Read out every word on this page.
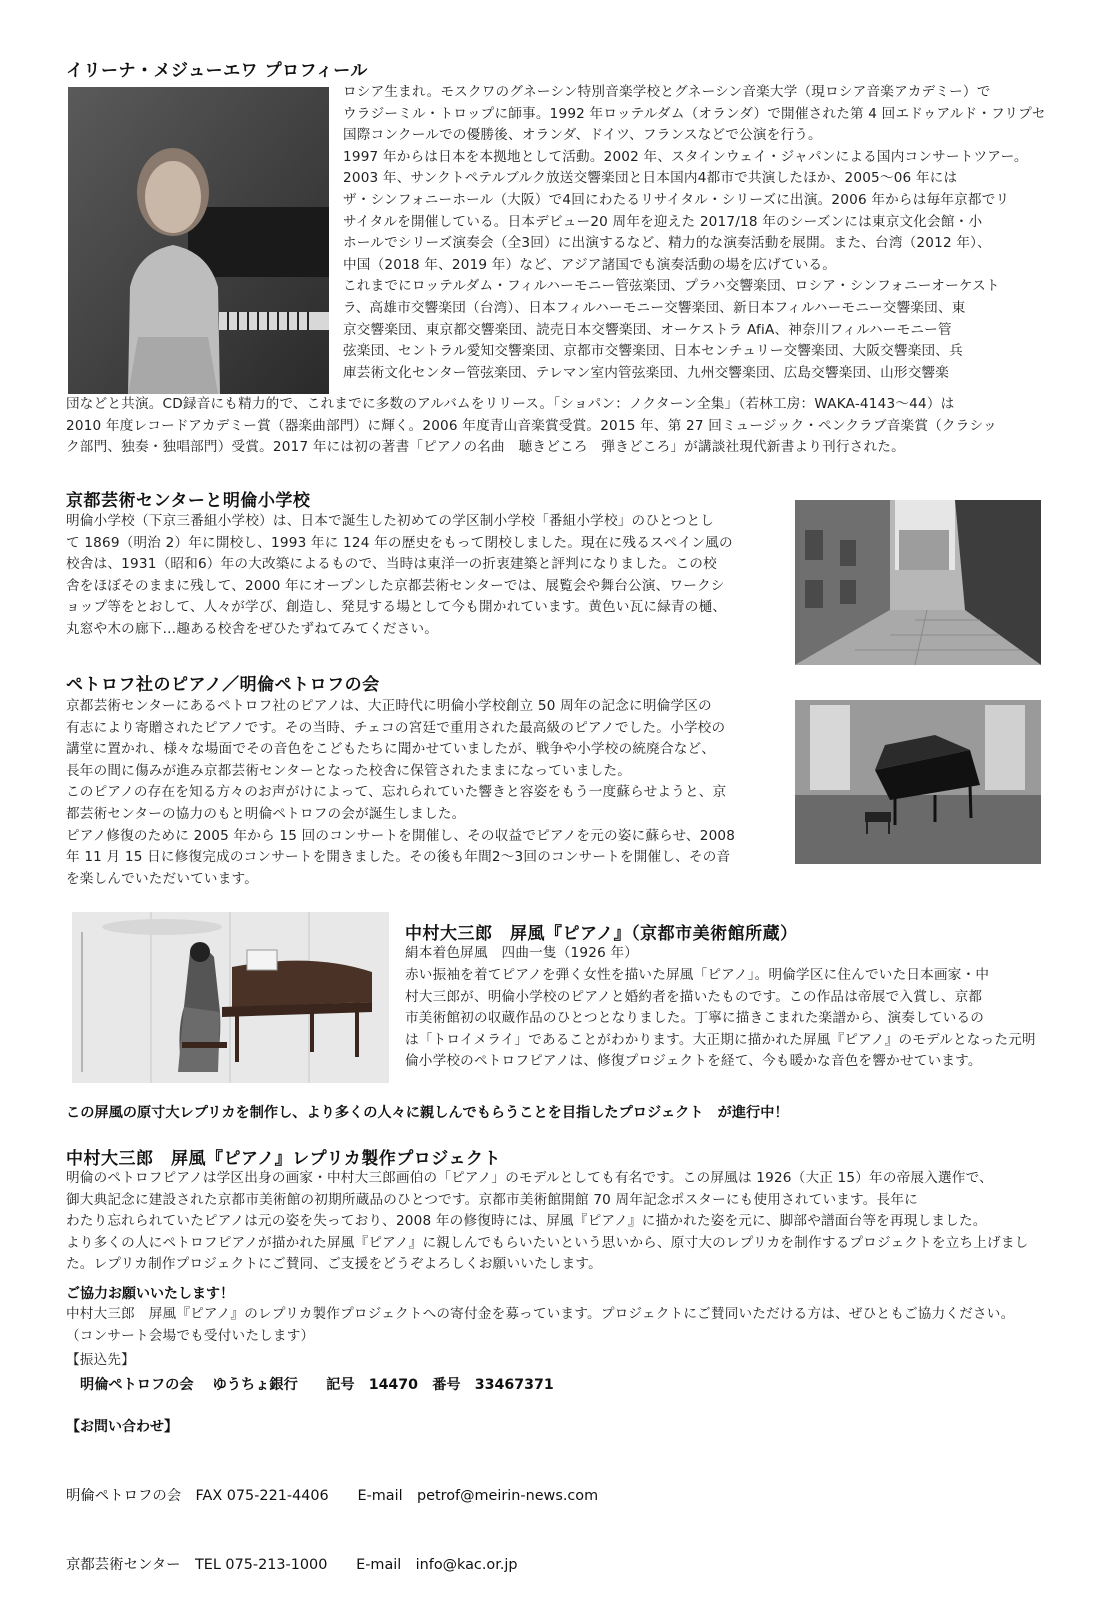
イリーナ・メジューエワ プロフィール
ロシア生まれ。モスクワのグネーシン特別音楽学校とグネーシン音楽大学（現ロシア音楽アカデミー）で
ウラジーミル・トロップに師事。1992 年ロッテルダム（オランダ）で開催された第 4 回エドゥアルド・フリプセ
国際コンクールでの優勝後、オランダ、ドイツ、フランスなどで公演を行う。
1997 年からは日本を本拠地として活動。2002 年、スタインウェイ・ジャパンによる国内コンサートツアー。
2003 年、サンクトペテルブルク放送交響楽団と日本国内4都市で共演したほか、2005～06 年には
ザ・シンフォニーホール（大阪）で4回にわたるリサイタル・シリーズに出演。2006 年からは毎年京都でリ
サイタルを開催している。日本デビュー20 周年を迎えた 2017/18 年のシーズンには東京文化会館・小
ホールでシリーズ演奏会（全3回）に出演するなど、精力的な演奏活動を展開。また、台湾（2012 年）、
中国（2018 年、2019 年）など、アジア諸国でも演奏活動の場を広げている。
これまでにロッテルダム・フィルハーモニー管弦楽団、プラハ交響楽団、ロシア・シンフォニーオーケスト
ラ、高雄市交響楽団（台湾）、日本フィルハーモニー交響楽団、新日本フィルハーモニー交響楽団、東
京交響楽団、東京都交響楽団、読売日本交響楽団、オーケストラ AfiA、神奈川フィルハーモニー管
弦楽団、セントラル愛知交響楽団、京都市交響楽団、日本センチュリー交響楽団、大阪交響楽団、兵
庫芸術文化センター管弦楽団、テレマン室内管弦楽団、九州交響楽団、広島交響楽団、山形交響楽
団などと共演。CD録音にも精力的で、これまでに多数のアルバムをリリース。「ショパン：ノクターン全集」（若林工房：WAKA-4143～44）は
2010 年度レコードアカデミー賞（器楽曲部門）に輝く。2006 年度青山音楽賞受賞。2015 年、第 27 回ミュージック・ペンクラブ音楽賞（クラシッ
ク部門、独奏・独唱部門）受賞。2017 年には初の著書「ピアノの名曲　聴きどころ　弾きどころ」が講談社現代新書より刊行された。
京都芸術センターと明倫小学校
明倫小学校（下京三番組小学校）は、日本で誕生した初めての学区制小学校「番組小学校」のひとつとし
て 1869（明治 2）年に開校し、1993 年に 124 年の歴史をもって閉校しました。現在に残るスペイン風の
校舎は、1931（昭和6）年の大改築によるもので、当時は東洋一の折衷建築と評判になりました。この校
舎をほぼそのままに残して、2000 年にオープンした京都芸術センターでは、展覧会や舞台公演、ワークシ
ョップ等をとおして、人々が学び、創造し、発見する場として今も開かれています。黄色い瓦に緑青の樋、
丸窓や木の廊下…趣ある校舎をぜひたずねてみてください。
ペトロフ社のピアノ／明倫ペトロフの会
京都芸術センターにあるペトロフ社のピアノは、大正時代に明倫小学校創立 50 周年の記念に明倫学区の
有志により寄贈されたピアノです。その当時、チェコの宮廷で重用された最高級のピアノでした。小学校の
講堂に置かれ、様々な場面でその音色をこどもたちに聞かせていましたが、戦争や小学校の統廃合など、
長年の間に傷みが進み京都芸術センターとなった校舎に保管されたままになっていました。
このピアノの存在を知る方々のお声がけによって、忘れられていた響きと容姿をもう一度蘇らせようと、京
都芸術センターの協力のもと明倫ペトロフの会が誕生しました。
ピアノ修復のために 2005 年から 15 回のコンサートを開催し、その収益でピアノを元の姿に蘇らせ、2008
年 11 月 15 日に修復完成のコンサートを開きました。その後も年間2～3回のコンサートを開催し、その音
を楽しんでいただいています。
中村大三郎　屏風『ピアノ』（京都市美術館所蔵）
絹本着色屏風　四曲一隻（1926 年）
赤い振袖を着てピアノを弾く女性を描いた屏風「ピアノ」。明倫学区に住んでいた日本画家・中
村大三郎が、明倫小学校のピアノと婚約者を描いたものです。この作品は帝展で入賞し、京都
市美術館初の収蔵作品のひとつとなりました。丁寧に描きこまれた楽譜から、演奏しているの
は「トロイメライ」であることがわかります。大正期に描かれた屏風『ピアノ』のモデルとなった元明
倫小学校のペトロフピアノは、修復プロジェクトを経て、今も暖かな音色を響かせています。
この屏風の原寸大レプリカを制作し、より多くの人々に親しんでもらうことを目指したプロジェクト　が進行中！
中村大三郎　屏風『ピアノ』レプリカ製作プロジェクト
明倫のペトロフピアノは学区出身の画家・中村大三郎画伯の「ピアノ」のモデルとしても有名です。この屏風は 1926（大正 15）年の帝展入選作で、
御大典記念に建設された京都市美術館の初期所蔵品のひとつです。京都市美術館開館 70 周年記念ポスターにも使用されています。長年に
わたり忘れられていたピアノは元の姿を失っており、2008 年の修復時には、屏風『ピアノ』に描かれた姿を元に、脚部や譜面台等を再現しました。
より多くの人にペトロフピアノが描かれた屏風『ピアノ』に親しんでもらいたいという思いから、原寸大のレプリカを制作するプロジェクトを立ち上げまし
た。レプリカ制作プロジェクトにご賛同、ご支援をどうぞよろしくお願いいたします。
ご協力お願いいたします！
中村大三郎　屏風『ピアノ』のレプリカ製作プロジェクトへの寄付金を募っています。プロジェクトにご賛同いただける方は、ぜひともご協力ください。
（コンサート会場でも受付いたします）
【振込先】
明倫ペトロフの会　 ゆうちょ銀行　　記号　14470　番号　33467371
【お問い合わせ】

明倫ペトロフの会　FAX 075-221-4406　　E-mail　petrof@meirin-news.com

京都芸術センター　TEL 075-213-1000　　E-mail　info@kac.or.jp
